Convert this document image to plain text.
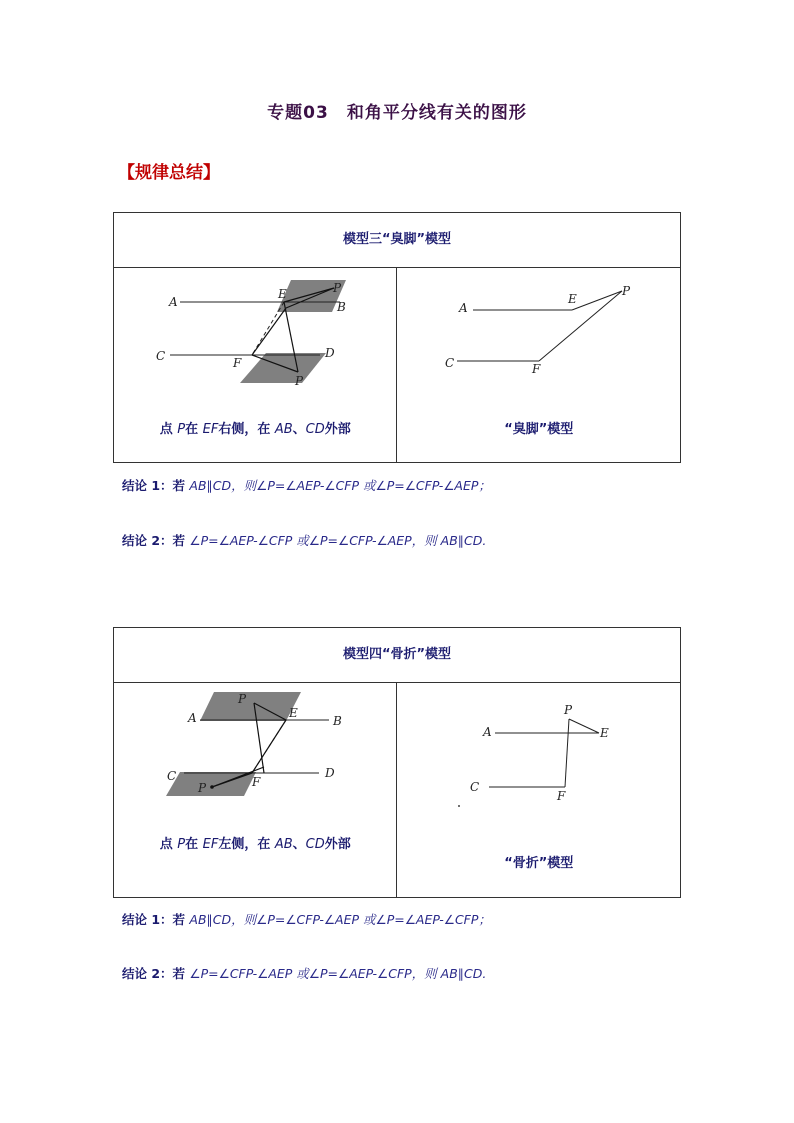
专题03　和角平分线有关的图形
【规律总结】
模型三“臭脚”模型

A
E	P
B
C	F
D
P
点 P在 EF右侧，在 AB、CD外部

A
E
P
C	F
“臭脚”模型
结论 1：若 AB∥CD，则∠P=∠AEP-∠CFP 或∠P=∠CFP-∠AEP；
结论 2：若 ∠P=∠AEP-∠CFP 或∠P=∠CFP-∠AEP，则 AB∥CD.
模型四“骨折”模型

A
P
E
B
C	F
D
P
点 P在 EF左侧，在 AB、CD外部

A
P
E
C
F
“骨折”模型
结论 1：若 AB∥CD，则∠P=∠CFP-∠AEP 或∠P=∠AEP-∠CFP；
结论 2：若 ∠P=∠CFP-∠AEP 或∠P=∠AEP-∠CFP，则 AB∥CD.
